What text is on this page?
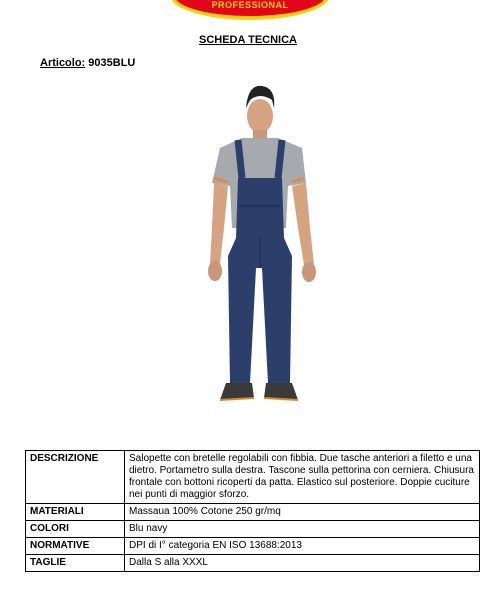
PROFESSIONAL
SCHEDA TECNICA
Articolo: 9035BLU
DESCRIZIONE	Salopette con bretelle regolabili con fibbia. Due tasche anteriori a filetto e una dietro. Portametro sulla destra. Tascone sulla pettorina con cerniera. Chiusura frontale con bottoni ricoperti da patta. Elastico sul posteriore. Doppie cuciture nei punti di maggior sforzo.
MATERIALI	Massaua 100% Cotone 250 gr/mq
COLORI	Blu navy
NORMATIVE	DPI di I° categoria EN ISO 13688:2013
TAGLIE	Dalla S alla XXXL
